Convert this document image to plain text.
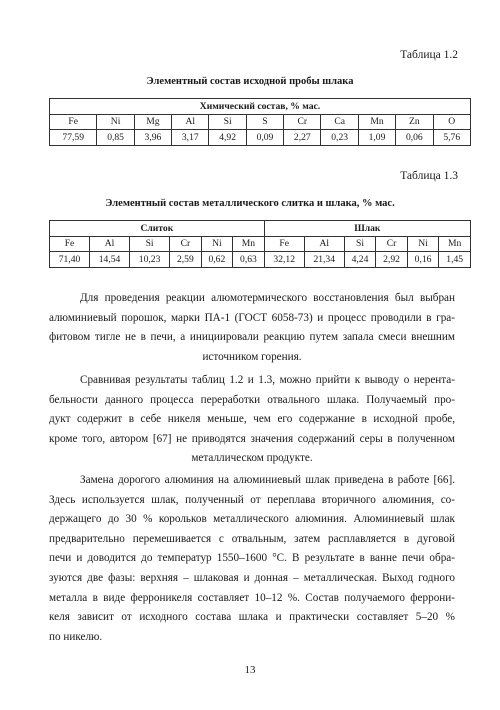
Таблица 1.2
Элементный состав исходной пробы шлака
Химический состав, % мас.										
Fe	Ni	Mg	Al	Si	S	Cr	Ca	Mn	Zn	O
77,59	0,85	3,96	3,17	4,92	0,09	2,27	0,23	1,09	0,06	5,76
Таблица 1.3
Элементный состав металлического слитка и шлака, % мас.
Слиток						Шлак					
Fe	Al	Si	Cr	Ni	Mn	Fe	Al	Si	Cr	Ni	Mn
71,40	14,54	10,23	2,59	0,62	0,63	32,12	21,34	4,24	2,92	0,16	1,45
Для проведения реакции алюмотермического восстановления был выбран
алюминиевый порошок, марки ПА-1 (ГОСТ 6058-73) и процесс проводили в гра-
фитовом тигле не в печи, а инициировали реакцию путем запала смеси внешним
источником горения.
Сравнивая результаты таблиц 1.2 и 1.3, можно прийти к выводу о нерента-
бельности данного процесса переработки отвального шлака. Получаемый про-
дукт содержит в себе никеля меньше, чем его содержание в исходной пробе,
кроме того, автором [67] не приводятся значения содержаний серы в полученном
металлическом продукте.
Замена дорогого алюминия на алюминиевый шлак приведена в работе [66].
Здесь используется шлак, полученный от переплава вторичного алюминия, со-
держащего до 30 % корольков металлического алюминия. Алюминиевый шлак
предварительно перемешивается с отвальным, затем расплавляется в дуговой
печи и доводится до температур 1550–1600 °С. В результате в ванне печи обра-
зуются две фазы: верхняя – шлаковая и донная – металлическая. Выход годного
металла в виде ферроникеля составляет 10–12 %. Состав получаемого феррони-
келя зависит от исходного состава шлака и практически составляет 5–20 %
по никелю.
13
